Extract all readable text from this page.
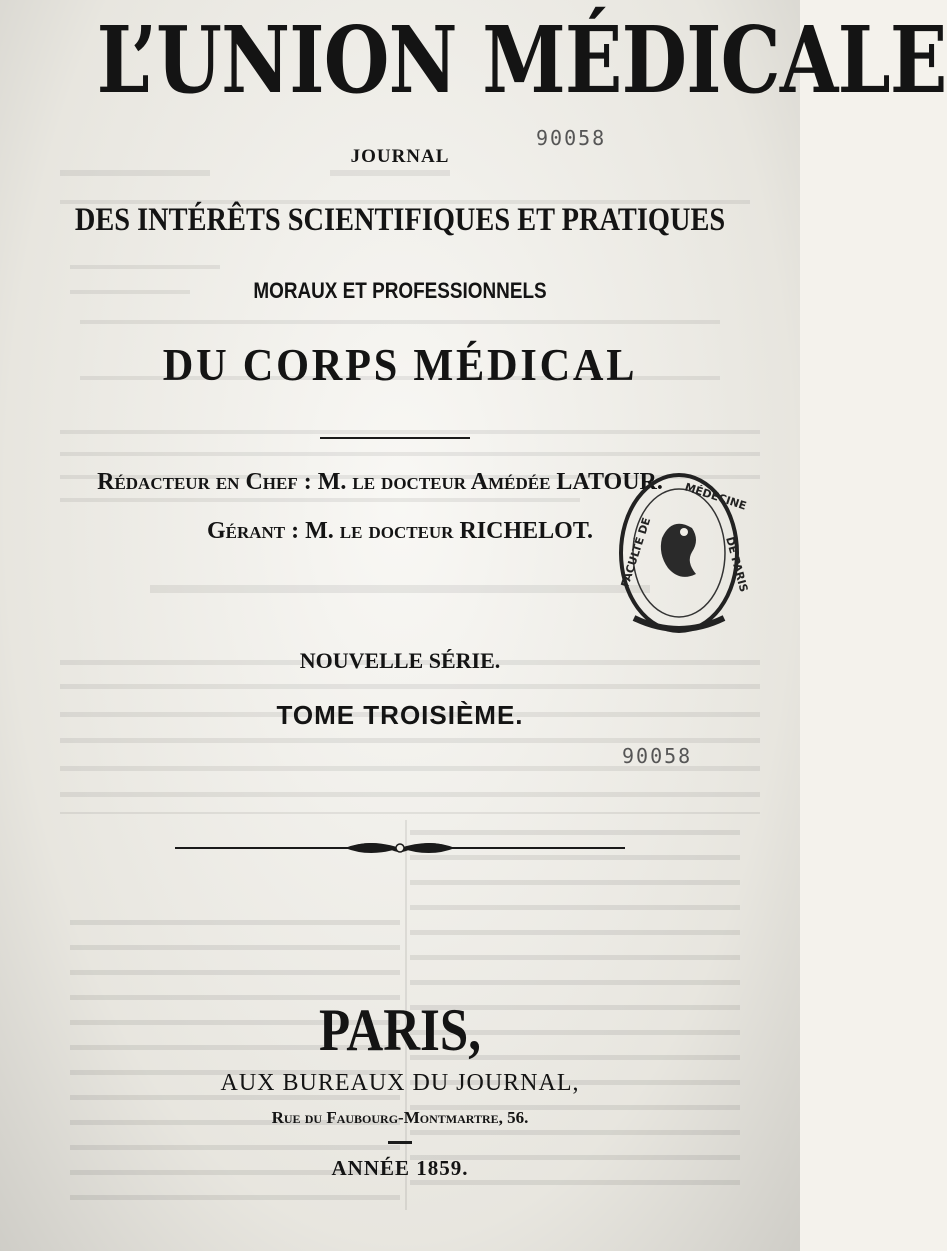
L’UNION MÉDICALE
90058
JOURNAL
DES INTÉRÊTS SCIENTIFIQUES ET PRATIQUES
MORAUX ET PROFESSIONNELS
DU CORPS MÉDICAL
Rédacteur en Chef : M. le docteur Amédée LATOUR.
Gérant : M. le docteur RICHELOT.	FACULTÉ DE
MÉDECINE
DE PARIS
NOUVELLE SÉRIE.
TOME TROISIÈME.
90058
PARIS,
AUX BUREAUX DU JOURNAL,
Rue du Faubourg-Montmartre, 56.
ANNÉE 1859.
